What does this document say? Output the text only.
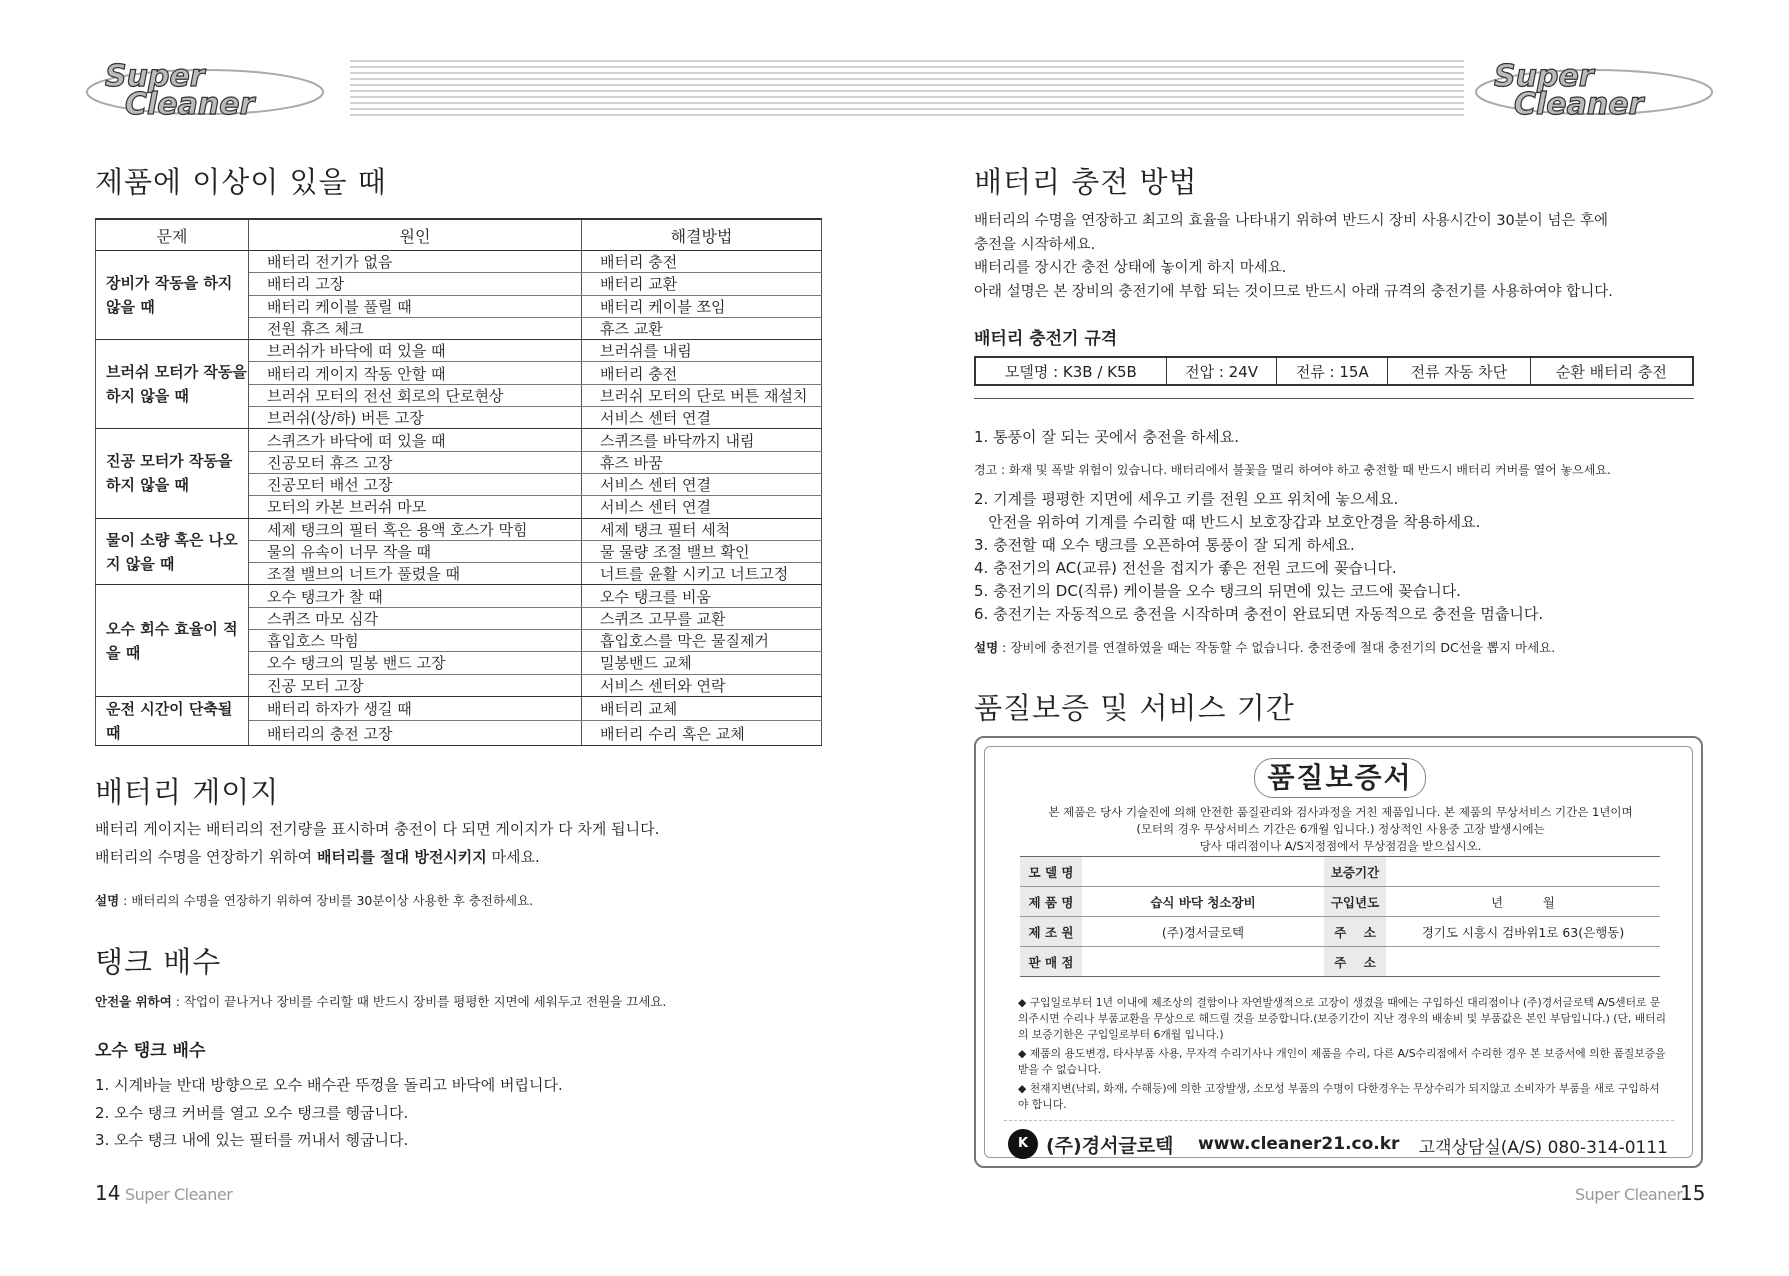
Super
Cleaner
제품에 이상이 있을 때
문제	원인	해결방법
장비가 작동을 하지 않을 때	배터리 전기가 없음	배터리 충전
	배터리 고장	배터리 교환
	배터리 케이블 풀릴 때	배터리 케이블 쪼임
	전원 휴즈 체크	휴즈 교환
브러쉬 모터가 작동을 하지 않을 때	브러쉬가 바닥에 떠 있을 때	브러쉬를 내림
	배터리 게이지 작동 안할 때	배터리 충전
	브러쉬 모터의 전선 회로의 단로현상	브러쉬 모터의 단로 버튼 재설치
	브러쉬(상/하) 버튼 고장	서비스 센터 연결
진공 모터가 작동을 하지 않을 때	스퀴즈가 바닥에 떠 있을 때	스퀴즈를 바닥까지 내림
	진공모터 휴즈 고장	휴즈 바꿈
	진공모터 배선 고장	서비스 센터 연결
	모터의 카본 브러쉬 마모	서비스 센터 연결
물이 소량 혹은 나오지 않을 때	세제 탱크의 필터 혹은 용액 호스가 막힘	세제 탱크 필터 세척
	물의 유속이 너무 작을 때	물 물량 조절 밸브 확인
	조절 밸브의 너트가 풀렸을 때	너트를 윤활 시키고 너트고정
오수 회수 효율이 적을 때	오수 탱크가 찰 때	오수 탱크를 비움
	스퀴즈 마모 심각	스퀴즈 고무를 교환
	흡입호스 막힘	흡입호스를 막은 물질제거
	오수 탱크의 밀봉 밴드 고장	밀봉밴드 교체
	진공 모터 고장	서비스 센터와 연락
운전 시간이 단축될 때	배터리 하자가 생길 때	배터리 교체
	배터리의 충전 고장	배터리 수리 혹은 교체
배터리 게이지

배터리 게이지는 배터리의 전기량을 표시하며 충전이 다 되면 게이지가 다 차게 됩니다.

배터리의 수명을 연장하기 위하여 배터리를 절대 방전시키지 마세요.

설명 : 배터리의 수명을 연장하기 위하여 장비를 30분이상 사용한 후 충전하세요.

탱크 배수

안전을 위하여 : 작업이 끝나거나 장비를 수리할 때 반드시 장비를 평평한 지면에 세워두고 전원을 끄세요.

오수 탱크 배수
1. 시계바늘 반대 방향으로 오수 배수관 뚜껑을 돌리고 바닥에 버립니다.
2. 오수 탱크 커버를 열고 오수 탱크를 헹굽니다.
3. 오수 탱크 내에 있는 필터를 꺼내서 헹굽니다.
14 Super Cleaner
Super
Cleaner
배터리 충전 방법

배터리의 수명을 연장하고 최고의 효율을 나타내기 위하여 반드시 장비 사용시간이 30분이 넘은 후에
충전을 시작하세요.
배터리를 장시간 충전 상태에 놓이게 하지 마세요.
아래 설명은 본 장비의 충전기에 부합 되는 것이므로 반드시 아래 규격의 충전기를 사용하여야 합니다.

배터리 충전기 규격
모델명 : K3B / K5B	전압 : 24V	전류 : 15A	전류 자동 차단	순환 배터리 충전

1. 통풍이 잘 되는 곳에서 충전을 하세요.

경고 : 화재 및 폭발 위험이 있습니다. 배터리에서 불꽃을 멀리 하여야 하고 충전할 때 반드시 배터리 커버를 열어 놓으세요.

2. 기계를 평평한 지면에 세우고 키를 전원 오프 위치에 놓으세요.
안전을 위하여 기계를 수리할 때 반드시 보호장갑과 보호안경을 착용하세요.
3. 충전할 때 오수 탱크를 오픈하여 통풍이 잘 되게 하세요.
4. 충전기의 AC(교류) 전선을 접지가 좋은 전원 코드에 꽂습니다.
5. 충전기의 DC(직류) 케이블을 오수 탱크의 뒤면에 있는 코드에 꽂습니다.
6. 충전기는 자동적으로 충전을 시작하며 충전이 완료되면 자동적으로 충전을 멈춥니다.

설명 : 장비에 충전기를 연결하였을 때는 작동할 수 없습니다. 충전중에 절대 충전기의 DC선을 뽑지 마세요.

품질보증 및 서비스 기간
품질보증서
본 제품은 당사 기술진에 의해 안전한 품질관리와 검사과정을 거친 제품입니다. 본 제품의 무상서비스 기간은 1년이며
(모터의 경우 무상서비스 기간은 6개월 입니다.) 정상적인 사용중 고장 발생시에는
당사 대리점이나 A/S지정점에서 무상점검을 받으십시오.
모 델 명		보증기간	
제 품 명	습식 바닥 청소장비	구입년도	년          월
제 조 원	(주)경서글로텍	주    소	경기도 시흥시 검바위1로 63(은행동)
판 매 점		주    소	
◆ 구입일로부터 1년 이내에 제조상의 결함이나 자연발생적으로 고장이 생겼을 때에는 구입하신 대리점이나 (주)경서글로텍 A/S센터로 문의주시면 수리나 부품교환을 무상으로 해드릴 것을 보증합니다.(보증기간이 지난 경우의 배송비 및 부품값은 본인 부담입니다.) (단, 배터리의 보증기한은 구입일로부터 6개월 입니다.)
◆ 제품의 용도변경, 타사부품 사용, 무자격 수리기사나 개인이 제품을 수리, 다른 A/S수리점에서 수리한 경우 본 보증서에 의한 품질보증을 받을 수 없습니다.
◆ 천재지변(낙뢰, 화재, 수해등)에 의한 고장발생, 소모성 부품의 수명이 다한경우는 무상수리가 되지않고 소비자가 부품을 새로 구입하셔야 합니다.
K (주)경서글로텍 www.cleaner21.co.kr 고객상담실(A/S) 080-314-0111
Super Cleaner
15
